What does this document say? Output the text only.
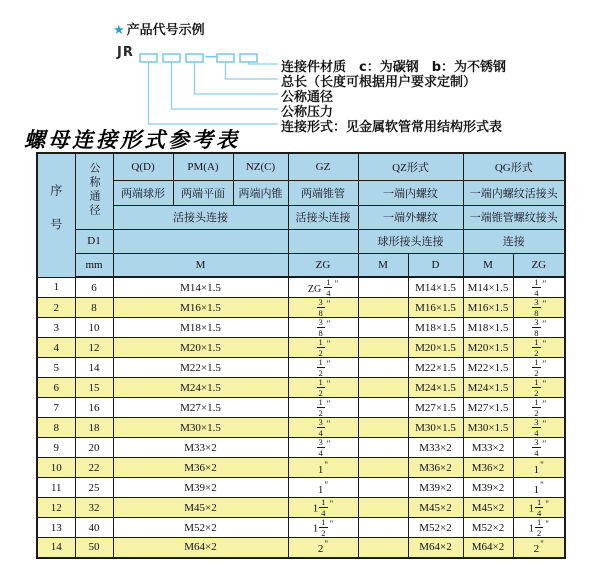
★ 产品代号示例
JR	—
连接件材质　c：为碳钢　b：为不锈钢
总长（长度可根据用户要求定制）
公称通径
公称压力
连接形式：见金属软管常用结构形式表
螺母连接形式参考表
序号	公称通径	Q(D)	PM(A)	NZ(C)	GZ	QZ形式		QG形式	
		两端球形	两端平面	两端内锥	两端锥管	一端内螺纹		一端内螺纹活接头	
		活接头连接			活接头连接	一端外螺纹		一端锥管螺纹接头	
	D1					球形接头连接		连接	
	mm	M			ZG	M	D	M	ZG
1	6	M14×1.5			ZG $\frac{1}{4} ^"$		M14×1.5	M14×1.5	$\frac{1}{4} ^"$
2	8	M16×1.5			$\frac{3}{8} ^"$		M16×1.5	M16×1.5	$\frac{3}{8} ^"$
3	10	M18×1.5			$\frac{3}{8} ^"$		M18×1.5	M18×1.5	$\frac{3}{8} ^"$
4	12	M20×1.5			$\frac{1}{2} ^"$		M20×1.5	M20×1.5	$\frac{1}{2} ^"$
5	14	M22×1.5			$\frac{1}{2} ^"$		M22×1.5	M22×1.5	$\frac{1}{2} ^"$
6	15	M24×1.5			$\frac{1}{2} ^"$		M24×1.5	M24×1.5	$\frac{1}{2} ^"$
7	16	M27×1.5			$\frac{1}{2} ^"$		M27×1.5	M27×1.5	$\frac{1}{2} ^"$
8	18	M30×1.5			$\frac{3}{4} ^"$		M30×1.5	M30×1.5	$\frac{3}{4} ^"$
9	20	M33×2			$\frac{3}{4} ^"$		M33×2	M33×2	$\frac{3}{4} ^"$
10	22	M36×2			1"		M36×2	M36×2	1"
11	25	M39×2			1"		M39×2	M39×2	1"
12	32	M45×2			$1 \frac{1}{4} ^"$		M45×2	M45×2	$1 \frac{1}{4} ^"$
13	40	M52×2			$1 \frac{1}{2} ^"$		M52×2	M52×2	$1 \frac{1}{2} ^"$
14	50	M64×2			2"		M64×2	M64×2	2"
